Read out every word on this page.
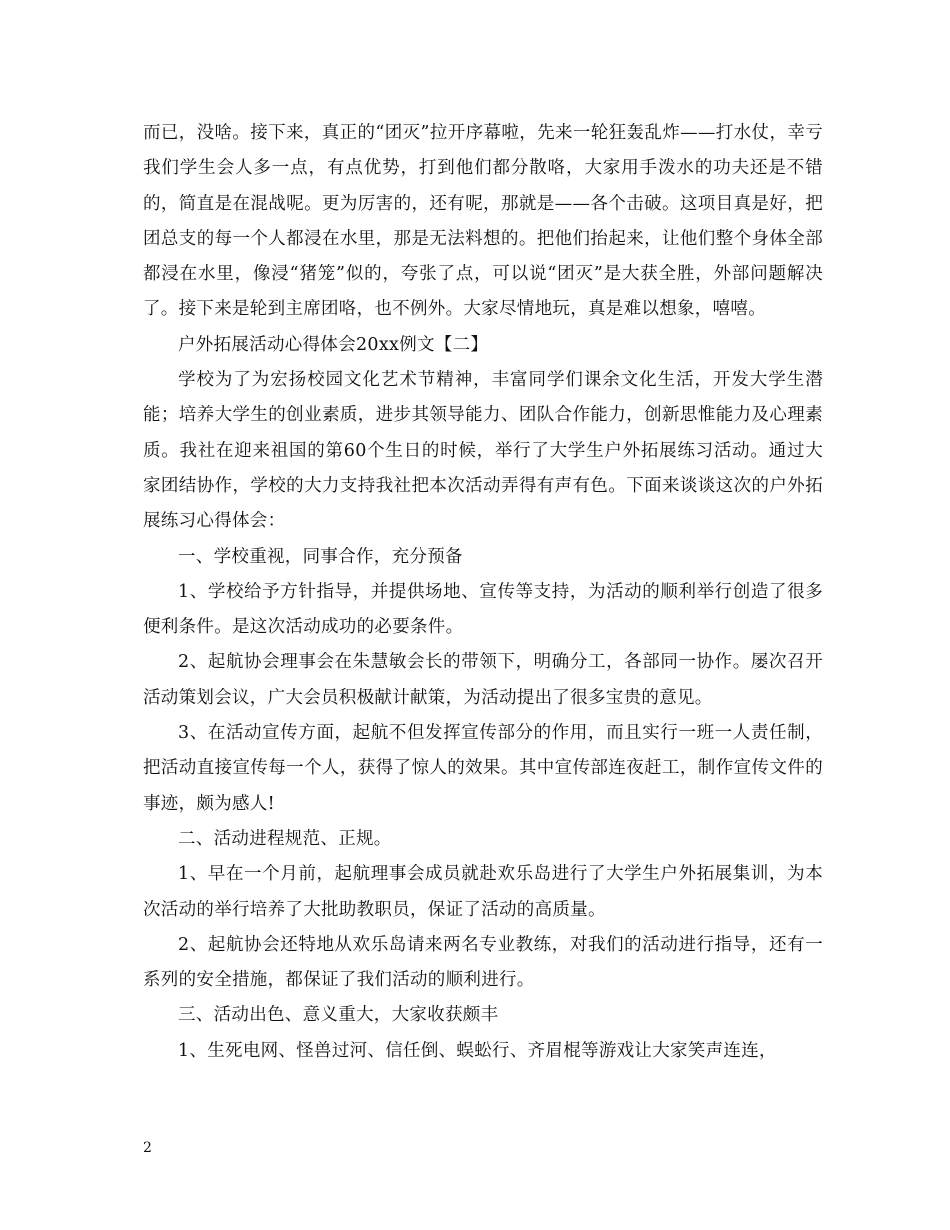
而已，没啥。接下来，真正的“团灭”拉开序幕啦，先来一轮狂轰乱炸——打水仗，幸亏我们学生会人多一点，有点优势，打到他们都分散咯，大家用手泼水的功夫还是不错的，简直是在混战呢。更为厉害的，还有呢，那就是——各个击破。这项目真是好，把团总支的每一个人都浸在水里，那是无法料想的。把他们抬起来，让他们整个身体全部都浸在水里，像浸“猪笼”似的，夸张了点，可以说“团灭”是大获全胜，外部问题解决了。接下来是轮到主席团咯，也不例外。大家尽情地玩，真是难以想象，嘻嘻。

户外拓展活动心得体会20xx例文【二】

学校为了为宏扬校园文化艺术节精神，丰富同学们课余文化生活，开发大学生潜能；培养大学生的创业素质，进步其领导能力、团队合作能力，创新思惟能力及心理素质。我社在迎来祖国的第60个生日的时候，举行了大学生户外拓展练习活动。通过大家团结协作，学校的大力支持我社把本次活动弄得有声有色。下面来谈谈这次的户外拓展练习心得体会：

一、学校重视，同事合作，充分预备

1、学校给予方针指导，并提供场地、宣传等支持，为活动的顺利举行创造了很多便利条件。是这次活动成功的必要条件。

2、起航协会理事会在朱慧敏会长的带领下，明确分工，各部同一协作。屡次召开活动策划会议，广大会员积极献计献策，为活动提出了很多宝贵的意见。

3、在活动宣传方面，起航不但发挥宣传部分的作用，而且实行一班一人责任制，把活动直接宣传每一个人，获得了惊人的效果。其中宣传部连夜赶工，制作宣传文件的事迹，颇为感人!

二、活动进程规范、正规。

1、早在一个月前，起航理事会成员就赴欢乐岛进行了大学生户外拓展集训，为本次活动的举行培养了大批助教职员，保证了活动的高质量。

2、起航协会还特地从欢乐岛请来两名专业教练，对我们的活动进行指导，还有一系列的安全措施，都保证了我们活动的顺利进行。

三、活动出色、意义重大，大家收获颇丰

1、生死电网、怪兽过河、信任倒、蜈蚣行、齐眉棍等游戏让大家笑声连连，

2
